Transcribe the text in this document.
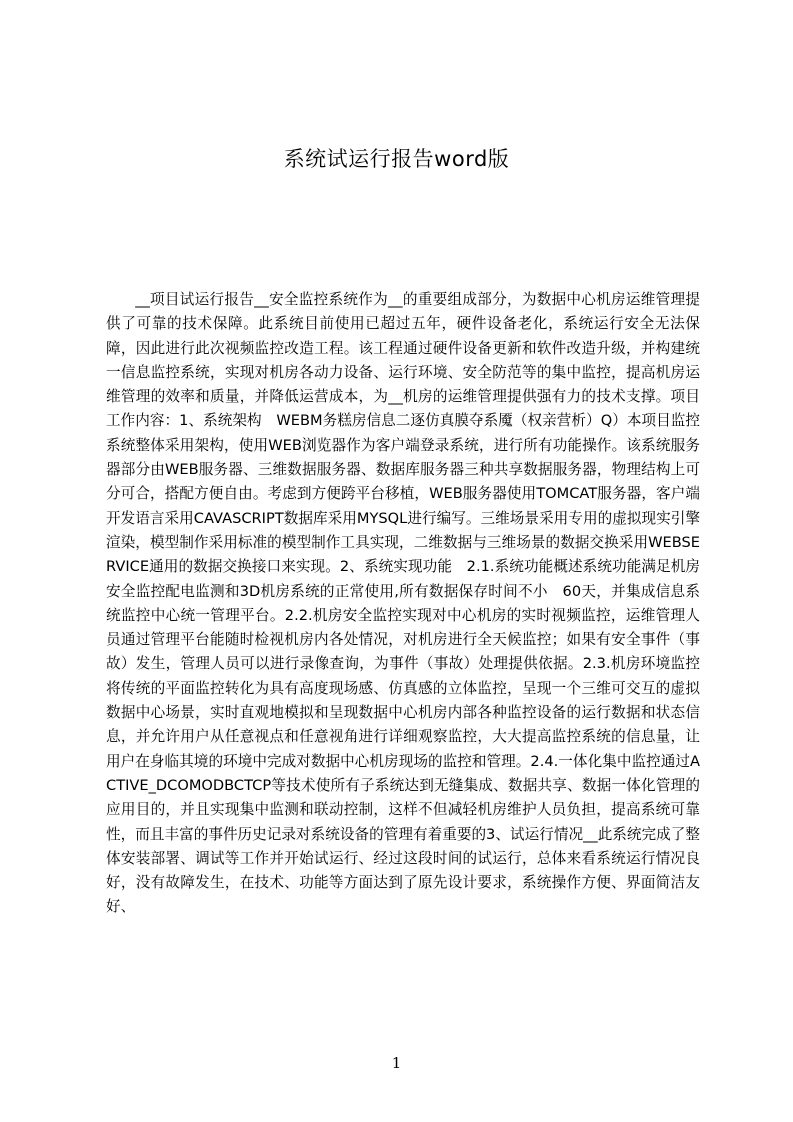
系统试运行报告word版

__项目试运行报告__安全监控系统作为__的重要组成部分，为数据中心机房运维管理提供了可靠的技术保障。此系统目前使用已超过五年，硬件设备老化，系统运行安全无法保障，因此进行此次视频监控改造工程。该工程通过硬件设备更新和软件改造升级，并构建统一信息监控系统，实现对机房各动力设备、运行环境、安全防范等的集中监控，提高机房运维管理的效率和质量，并降低运营成本，为__机房的运维管理提供强有力的技术支撑。项目工作内容：1、系统架构　WEBM务糕房信息二逐仿真膜夺系魇（权亲营析）Q）本项目监控系统整体采用架构，使用WEB浏览器作为客户端登录系统，进行所有功能操作。该系统服务器部分由WEB服务器、三维数据服务器、数据库服务器三种共享数据服务器，物理结构上可分可合，搭配方便自由。考虑到方便跨平台移植，WEB服务器使用TOMCAT服务器，客户端开发语言采用CAVASCRIPT数据库采用MYSQL进行编写。三维场景采用专用的虚拟现实引擎渲染，模型制作采用标准的模型制作工具实现，二维数据与三维场景的数据交换采用WEBSERVICE通用的数据交换接口来实现。2、系统实现功能　2.1.系统功能概述系统功能满足机房安全监控配电监测和3D机房系统的正常使用,所有数据保存时间不小　60天，并集成信息系统监控中心统一管理平台。2.2.机房安全监控实现对中心机房的实时视频监控，运维管理人员通过管理平台能随时检视机房内各处情况，对机房进行全天候监控；如果有安全事件（事故）发生，管理人员可以进行录像查询，为事件（事故）处理提供依据。2.3.机房环境监控将传统的平面监控转化为具有高度现场感、仿真感的立体监控，呈现一个三维可交互的虚拟数据中心场景，实时直观地模拟和呈现数据中心机房内部各种监控设备的运行数据和状态信息，并允许用户从任意视点和任意视角进行详细观察监控，大大提高监控系统的信息量，让用户在身临其境的环境中完成对数据中心机房现场的监控和管理。2.4.一体化集中监控通过ACTIVE_DCOMODBCTCP等技术使所有子系统达到无缝集成、数据共享、数据一体化管理的应用目的，并且实现集中监测和联动控制，这样不但减轻机房维护人员负担，提高系统可靠性，而且丰富的事件历史记录对系统设备的管理有着重要的3、试运行情况__此系统完成了整体安装部署、调试等工作并开始试运行、经过这段时间的试运行，总体来看系统运行情况良好，没有故障发生，在技术、功能等方面达到了原先设计要求，系统操作方便、界面简洁友好、

1
